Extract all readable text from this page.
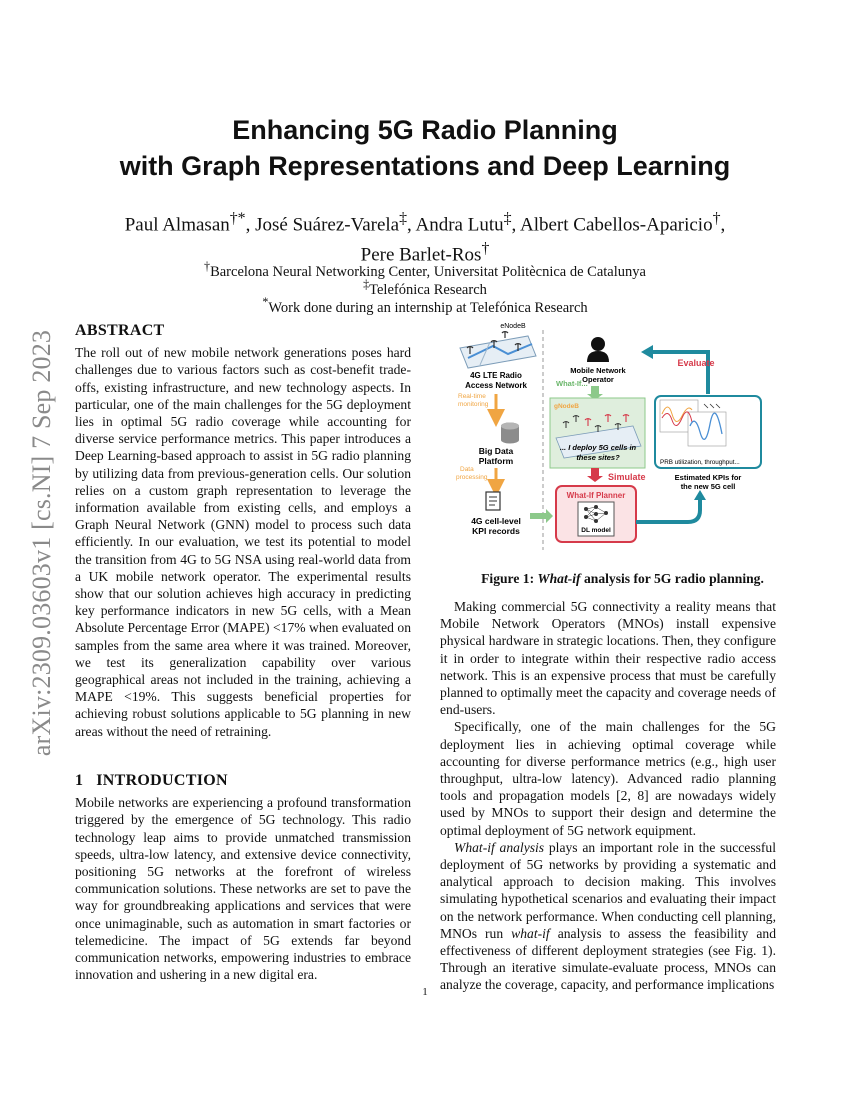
arXiv:2309.03603v1 [cs.NI] 7 Sep 2023
Enhancing 5G Radio Planning
with Graph Representations and Deep Learning
Paul Almasan†*, José Suárez-Varela‡, Andra Lutu‡, Albert Cabellos-Aparicio†,
Pere Barlet-Ros†
†Barcelona Neural Networking Center, Universitat Politècnica de Catalunya
‡Telefónica Research
*Work done during an internship at Telefónica Research

ABSTRACT

The roll out of new mobile network generations poses hard challenges due to various factors such as cost-benefit trade-offs, existing infrastructure, and new technology aspects. In particular, one of the main challenges for the 5G deployment lies in optimal 5G radio coverage while accounting for diverse service performance metrics. This paper introduces a Deep Learning-based approach to assist in 5G radio planning by utilizing data from previous-generation cells. Our solution relies on a custom graph representation to leverage the information available from existing cells, and employs a Graph Neural Network (GNN) model to process such data efficiently. In our evaluation, we test its potential to model the transition from 4G to 5G NSA using real-world data from a UK mobile network operator. The experimental results show that our solution achieves high accuracy in predicting key performance indicators in new 5G cells, with a Mean Absolute Percentage Error (MAPE) <17% when evaluated on samples from the same area where it was trained. Moreover, we test its generalization capability over various geographical areas not included in the training, achieving a MAPE <19%. This suggests beneficial properties for achieving robust solutions applicable to 5G planning in new areas without the need of retraining.

1 INTRODUCTION

Mobile networks are experiencing a profound transformation triggered by the emergence of 5G technology. This radio technology leap aims to provide unmatched transmission speeds, ultra-low latency, and extensive device connectivity, positioning 5G networks at the forefront of wireless communication solutions. These networks are set to pave the way for groundbreaking applications and services that were once unimaginable, such as automation in smart factories or telemedicine. The impact of 5G extends far beyond communication networks, empowering industries to embrace innovation and ushering in a new digital era.

eNodeB
4G LTE Radio
Access Network
Real-time
monitoring
Big Data
Platform
Data
processing
4G cell-level
KPI records
Mobile Network
Operator
What-If...
gNodeB
... I deploy 5G cells in
these sites?
Simulate
What-If Planner
DL model
PRB utilization, throughput...
Estimated KPIs for
the new 5G cell
Evaluate
Figure 1: What-if analysis for 5G radio planning.

Making commercial 5G connectivity a reality means that Mobile Network Operators (MNOs) install expensive physical hardware in strategic locations. Then, they configure it in order to integrate within their respective radio access network. This is an expensive process that must be carefully planned to optimally meet the capacity and coverage needs of end-users.

Specifically, one of the main challenges for the 5G deployment lies in achieving optimal coverage while accounting for diverse performance metrics (e.g., high user throughput, ultra-low latency). Advanced radio planning tools and propagation models [2, 8] are nowadays widely used by MNOs to support their design and determine the optimal deployment of 5G network equipment.

What-if analysis plays an important role in the successful deployment of 5G networks by providing a systematic and analytical approach to decision making. This involves simulating hypothetical scenarios and evaluating their impact on the network performance. When conducting cell planning, MNOs run what-if analysis to assess the feasibility and effectiveness of different deployment strategies (see Fig. 1). Through an iterative simulate-evaluate process, MNOs can analyze the coverage, capacity, and performance implications

1
